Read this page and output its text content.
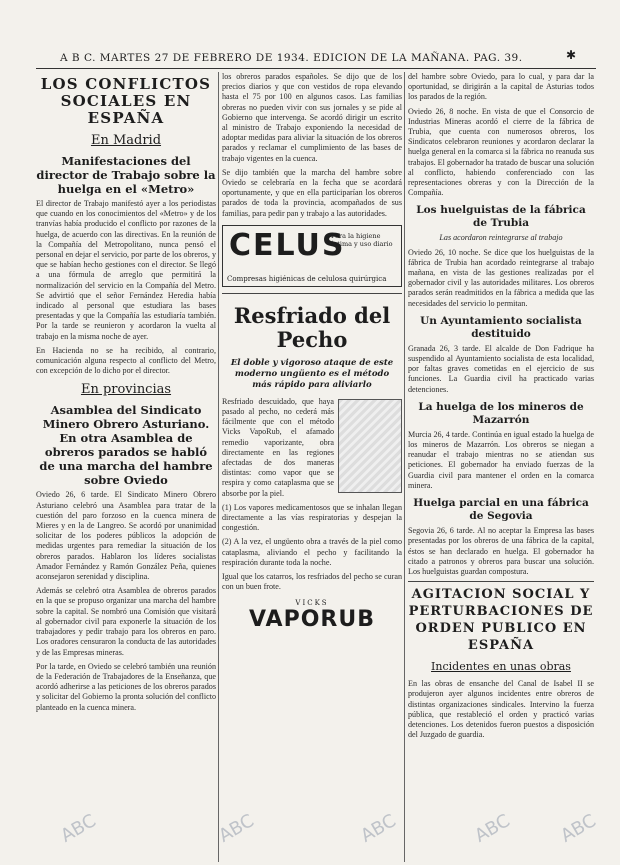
A B C. MARTES 27 DE FEBRERO DE 1934. EDICION DE LA MAÑANA. PAG. 39.	✱
LOS CONFLICTOS SOCIALES EN ESPAÑA
En Madrid
Manifestaciones del director de Trabajo sobre la huelga en el «Metro»

El director de Trabajo manifestó ayer a los periodistas que cuando en los conocimientos del «Metro» y de los tranvías había producido el conflicto por razones de la huelga, de acuerdo con las directivas. En la reunión de la Compañía del Metropolitano, nunca pensó el personal en dejar el servicio, por parte de los obreros, y que se habían hecho gestiones con el director. Se llegó a una fórmula de arreglo que permitirá la normalización del servicio en la Compañía del Metro. Se advirtió que el señor Fernández Heredia había indicado al personal que estudiara las bases presentadas y que la Compañía las estudiaría también. Por la tarde se reunieron y acordaron la vuelta al trabajo en la misma noche de ayer.

En Hacienda no se ha recibido, al contrario, comunicación alguna respecto al conflicto del Metro, con excepción de lo dicho por el director.

En provincias
Asamblea del Sindicato Minero Obrero Asturiano. En otra Asamblea de obreros parados se habló de una marcha del hambre sobre Oviedo

Oviedo 26, 6 tarde. El Sindicato Minero Obrero Asturiano celebró una Asamblea para tratar de la cuestión del paro forzoso en la cuenca minera de Mieres y en la de Langreo. Se acordó por unanimidad solicitar de los poderes públicos la adopción de medidas urgentes para remediar la situación de los obreros parados. Hablaron los líderes socialistas Amador Fernández y Ramón González Peña, quienes aconsejaron serenidad y disciplina.

Además se celebró otra Asamblea de obreros parados en la que se propuso organizar una marcha del hambre sobre la capital. Se nombró una Comisión que visitará al gobernador civil para exponerle la situación de los trabajadores y pedir trabajo para los obreros en paro. Los oradores censuraron la conducta de las autoridades y de las Empresas mineras.

Por la tarde, en Oviedo se celebró también una reunión de la Federación de Trabajadores de la Enseñanza, que acordó adherirse a las peticiones de los obreros parados y solicitar del Gobierno la pronta solución del conflicto planteado en la cuenca minera.

los obreros parados españoles. Se dijo que de los precios diarios y que con vestidos de ropa elevando hasta el 75 por 100 en algunos casos. Las familias obreras no pueden vivir con sus jornales y se pide al Gobierno que intervenga. Se acordó dirigir un escrito al ministro de Trabajo exponiendo la necesidad de adoptar medidas para aliviar la situación de los obreros parados y reclamar el cumplimiento de las bases de trabajo vigentes en la cuenca.

Se dijo también que la marcha del hambre sobre Oviedo se celebraría en la fecha que se acordará oportunamente, y que en ella participarían los obreros parados de toda la provincia, acompañados de sus familias, para pedir pan y trabajo a las autoridades.

CELUS
Para la higiene íntima y uso diario
Compresas higiénicas de celulosa quirúrgica
Resfriado del Pecho
El doble y vigoroso ataque de este moderno ungüento es el método más rápido para aliviarlo

Resfriado descuidado, que haya pasado al pecho, no cederá más fácilmente que con el método Vicks VapoRub, el afamado remedio vaporizante, obra directamente en las regiones afectadas de dos maneras distintas: como vapor que se respira y como cataplasma que se absorbe por la piel.

(1) Los vapores medicamentosos que se inhalan llegan directamente a las vías respiratorias y despejan la congestión.

(2) A la vez, el ungüento obra a través de la piel como cataplasma, aliviando el pecho y facilitando la respiración durante toda la noche.

Igual que los catarros, los resfriados del pecho se curan con un buen frote.

VICKS
VAPORUB

del hambre sobre Oviedo, para lo cual, y para dar la oportunidad, se dirigirán a la capital de Asturias todos los parados de la región.

Oviedo 26, 8 noche. En vista de que el Consorcio de Industrias Mineras acordó el cierre de la fábrica de Trubia, que cuenta con numerosos obreros, los Sindicatos celebraron reuniones y acordaron declarar la huelga general en la comarca si la fábrica no reanuda sus trabajos. El gobernador ha tratado de buscar una solución al conflicto, habiendo conferenciado con las representaciones obreras y con la Dirección de la Compañía.

Los huelguistas de la fábrica de Trubia
Las acordaron reintegrarse al trabajo

Oviedo 26, 10 noche. Se dice que los huelguistas de la fábrica de Trubia han acordado reintegrarse al trabajo mañana, en vista de las gestiones realizadas por el gobernador civil y las autoridades militares. Los obreros parados serán readmitidos en la fábrica a medida que las necesidades del servicio lo permitan.

Un Ayuntamiento socialista destituido

Granada 26, 3 tarde. El alcalde de Don Fadrique ha suspendido al Ayuntamiento socialista de esta localidad, por faltas graves cometidas en el ejercicio de sus funciones. La Guardia civil ha practicado varias detenciones.

La huelga de los mineros de Mazarrón

Murcia 26, 4 tarde. Continúa en igual estado la huelga de los mineros de Mazarrón. Los obreros se niegan a reanudar el trabajo mientras no se atiendan sus peticiones. El gobernador ha enviado fuerzas de la Guardia civil para mantener el orden en la comarca minera.

Huelga parcial en una fábrica de Segovia

Segovia 26, 6 tarde. Al no aceptar la Empresa las bases presentadas por los obreros de una fábrica de la capital, éstos se han declarado en huelga. El gobernador ha citado a patronos y obreros para buscar una solución. Los huelguistas guardan compostura.

AGITACION SOCIAL Y PERTURBACIONES DE ORDEN PUBLICO EN ESPAÑA
Incidentes en unas obras

En las obras de ensanche del Canal de Isabel II se produjeron ayer algunos incidentes entre obreros de distintas organizaciones sindicales. Intervino la fuerza pública, que restableció el orden y practicó varias detenciones. Los detenidos fueron puestos a disposición del Juzgado de guardia.

ABC	ABC	ABC	ABC ABC
